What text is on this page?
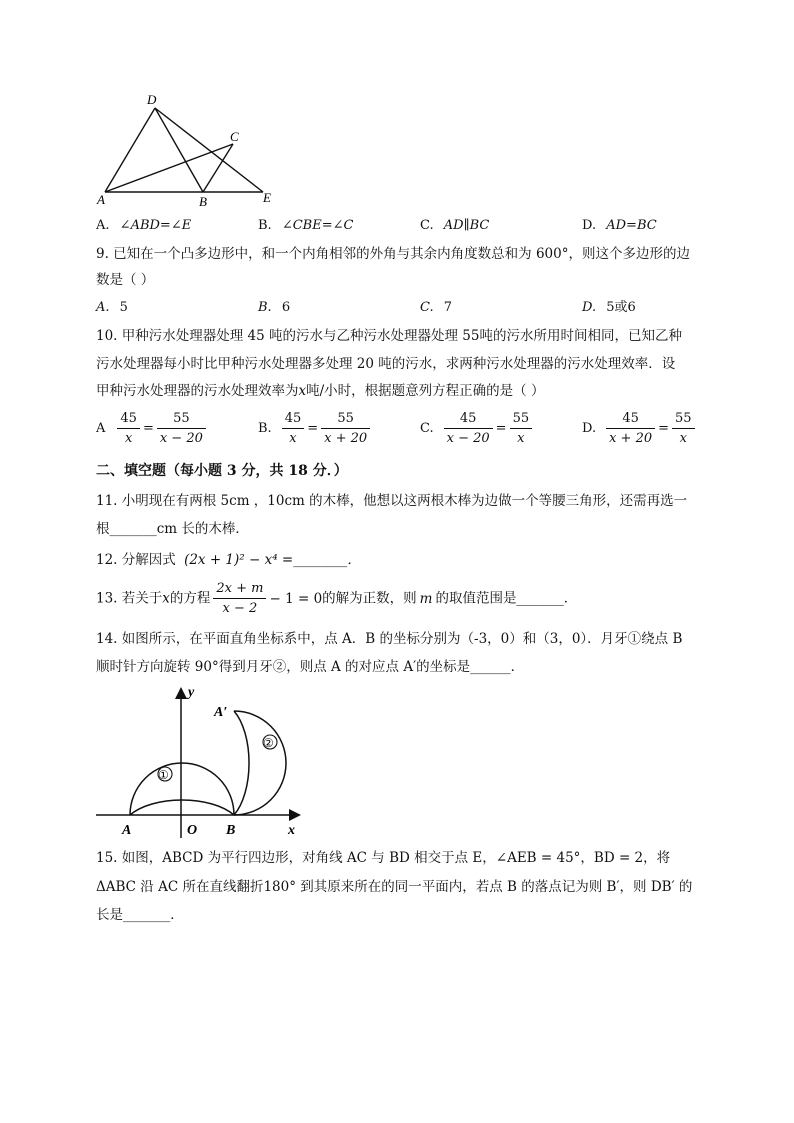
D
C
A	B	E
A. ∠ABD=∠E	B. ∠CBE=∠C	C. AD∥BC	D. AD=BC
9. 已知在一个凸多边形中，和一个内角相邻的外角与其余内角度数总和为 600°，则这个多边形的边
数是（ ）
A. 5	B. 6	C. 7	D. 5或6
10. 甲种污水处理器处理 45 吨的污水与乙种污水处理器处理 55吨的污水所用时间相同，已知乙种
污水处理器每小时比甲种污水处理器多处理 20 吨的污水，求两种污水处理器的污水处理效率．设
甲种污水处理器的污水处理效率为x吨/小时，根据题意列方程正确的是（ ）
A $\frac{45}{x} = \frac{55}{x - 20}$	B. $\frac{45}{x} = \frac{55}{x + 20}$	C. $\frac{45}{x - 20} = \frac{55}{x}$	D. $\frac{45}{x + 20} = \frac{55}{x}$
二、填空题（每小题 3 分，共 18 分．）
11. 小明现在有两根 5cm ，10cm 的木棒，他想以这两根木棒为边做一个等腰三角形，还需再选一
根_______cm 长的木棒．
12. 分解因式 (2x + 1)² − x⁴ =________．
13. 若关于x的方程 $\frac{2x + m}{x - 2} - 1 = 0$的解为正数，则 m 的取值范围是_______．
14. 如图所示，在平面直角坐标系中，点 A．B 的坐标分别为（-3，0）和（3，0）．月牙①绕点 B
顺时针方向旋转 90°得到月牙②，则点 A 的对应点 A′的坐标是______．
①
②
y
A′
A	O B	x
15. 如图，ABCD 为平行四边形，对角线 AC 与 BD 相交于点 E，∠AEB = 45°，BD = 2，将
ΔABC 沿 AC 所在直线翻折180° 到其原来所在的同一平面内，若点 B 的落点记为则 B′，则 DB′ 的
长是_______．
